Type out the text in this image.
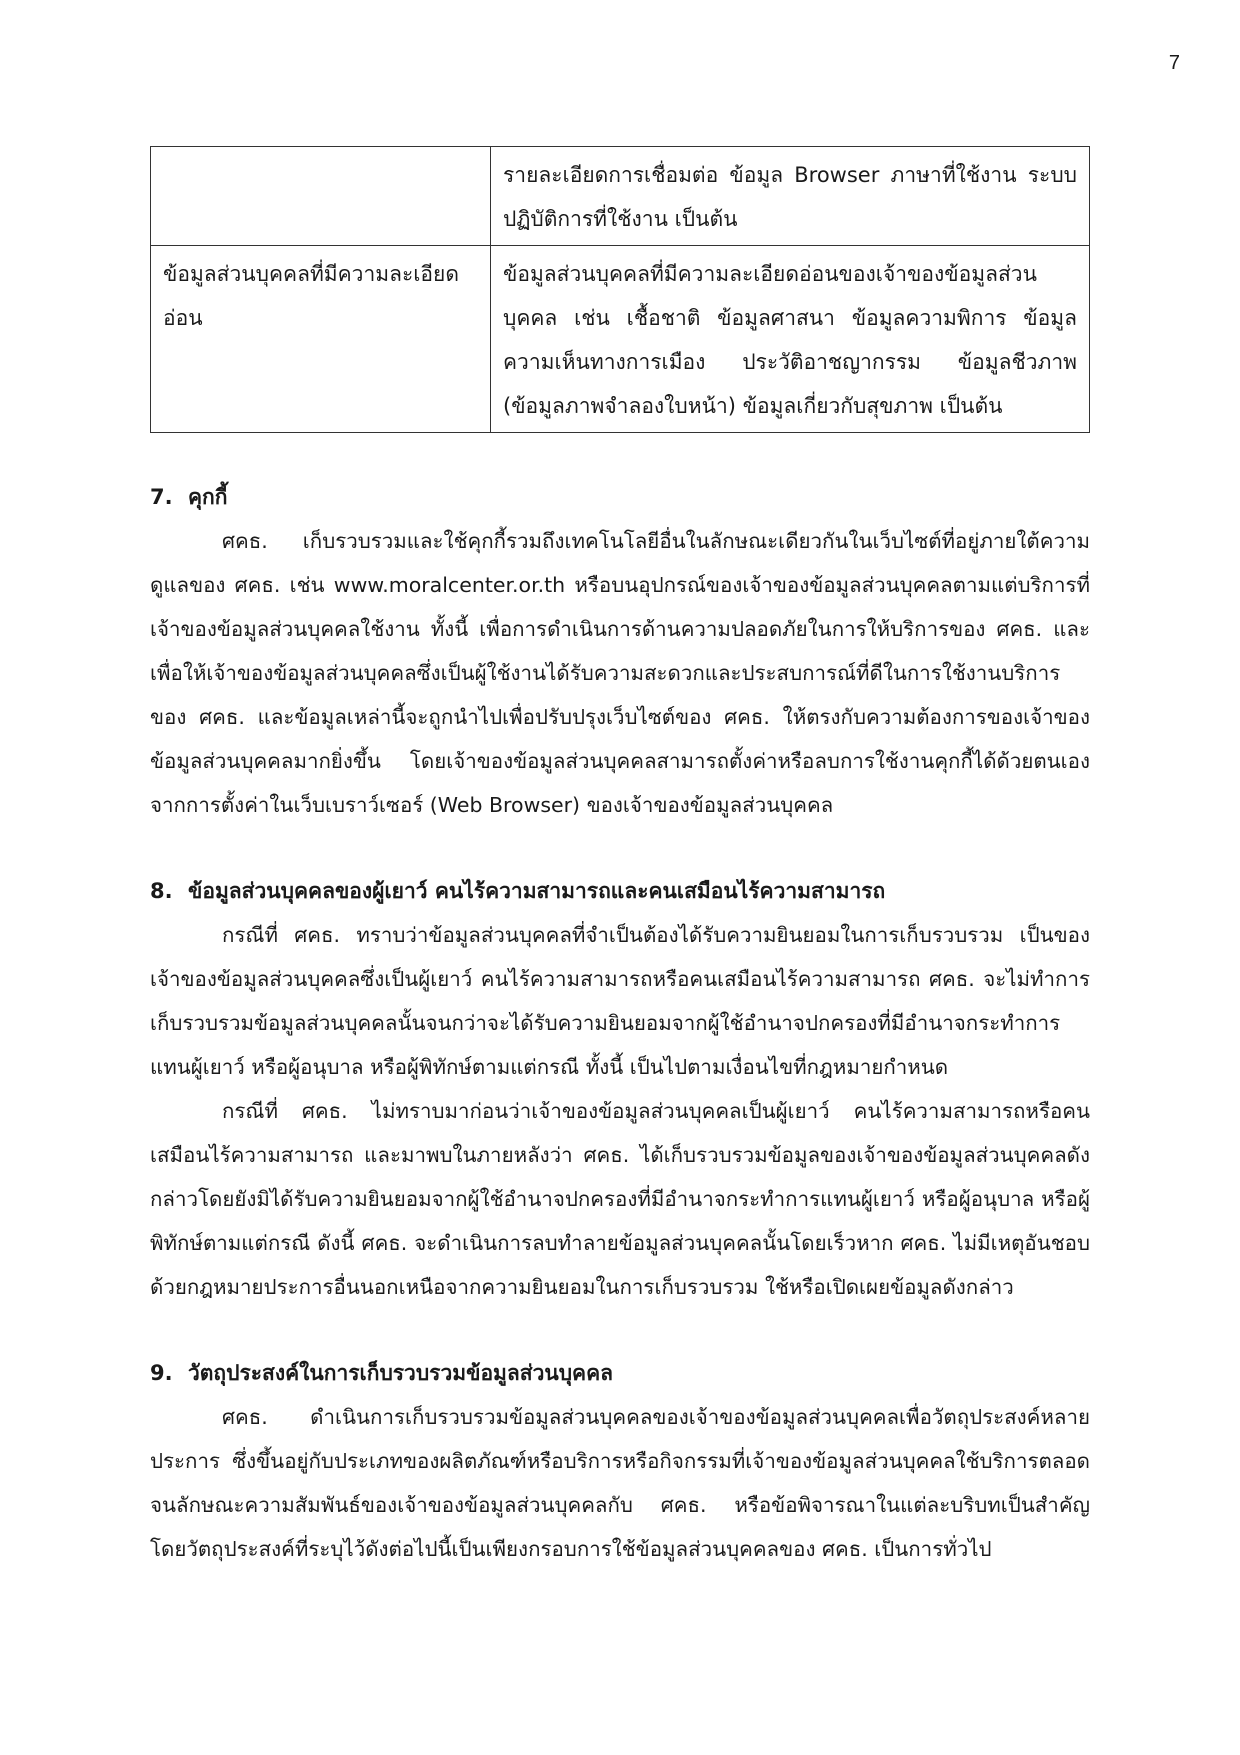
7
	รายละเอียดการเชื่อมต่อ ข้อมูล Browser ภาษาที่ใช้งาน ระบบปฏิบัติการที่ใช้งาน เป็นต้น
ข้อมูลส่วนบุคคลที่มีความละเอียดอ่อน	ข้อมูลส่วนบุคคลที่มีความละเอียดอ่อนของเจ้าของข้อมูลส่วนบุคคล เช่น เชื้อชาติ ข้อมูลศาสนา ข้อมูลความพิการ ข้อมูลความเห็นทางการเมือง ประวัติอาชญากรรม ข้อมูลชีวภาพ (ข้อมูลภาพจำลองใบหน้า) ข้อมูลเกี่ยวกับสุขภาพ เป็นต้น
7. คุกกี้

ศคธ. เก็บรวบรวมและใช้คุกกี้รวมถึงเทคโนโลยีอื่นในลักษณะเดียวกันในเว็บไซต์ที่อยู่ภายใต้ความดูแลของ ศคธ. เช่น www.moralcenter.or.th หรือบนอุปกรณ์ของเจ้าของข้อมูลส่วนบุคคลตามแต่บริการที่เจ้าของข้อมูลส่วนบุคคลใช้งาน ทั้งนี้ เพื่อการดำเนินการด้านความปลอดภัยในการให้บริการของ ศคธ. และเพื่อให้เจ้าของข้อมูลส่วนบุคคลซึ่งเป็นผู้ใช้งานได้รับความสะดวกและประสบการณ์ที่ดีในการใช้งานบริการของ ศคธ. และข้อมูลเหล่านี้จะถูกนำไปเพื่อปรับปรุงเว็บไซต์ของ ศคธ. ให้ตรงกับความต้องการของเจ้าของข้อมูลส่วนบุคคลมากยิ่งขึ้น โดยเจ้าของข้อมูลส่วนบุคคลสามารถตั้งค่าหรือลบการใช้งานคุกกี้ได้ด้วยตนเองจากการตั้งค่าในเว็บเบราว์เซอร์ (Web Browser) ของเจ้าของข้อมูลส่วนบุคคล

8. ข้อมูลส่วนบุคคลของผู้เยาว์ คนไร้ความสามารถและคนเสมือนไร้ความสามารถ

กรณีที่ ศคธ. ทราบว่าข้อมูลส่วนบุคคลที่จำเป็นต้องได้รับความยินยอมในการเก็บรวบรวม เป็นของเจ้าของข้อมูลส่วนบุคคลซึ่งเป็นผู้เยาว์ คนไร้ความสามารถหรือคนเสมือนไร้ความสามารถ ศคธ. จะไม่ทำการเก็บรวบรวมข้อมูลส่วนบุคคลนั้นจนกว่าจะได้รับความยินยอมจากผู้ใช้อำนาจปกครองที่มีอำนาจกระทำการแทนผู้เยาว์ หรือผู้อนุบาล หรือผู้พิทักษ์ตามแต่กรณี ทั้งนี้ เป็นไปตามเงื่อนไขที่กฎหมายกำหนด

กรณีที่ ศคธ. ไม่ทราบมาก่อนว่าเจ้าของข้อมูลส่วนบุคคลเป็นผู้เยาว์ คนไร้ความสามารถหรือคนเสมือนไร้ความสามารถ และมาพบในภายหลังว่า ศคธ. ได้เก็บรวบรวมข้อมูลของเจ้าของข้อมูลส่วนบุคคลดังกล่าวโดยยังมิได้รับความยินยอมจากผู้ใช้อำนาจปกครองที่มีอำนาจกระทำการแทนผู้เยาว์ หรือผู้อนุบาล หรือผู้พิทักษ์ตามแต่กรณี ดังนี้ ศคธ. จะดำเนินการลบทำลายข้อมูลส่วนบุคคลนั้นโดยเร็วหาก ศคธ. ไม่มีเหตุอันชอบด้วยกฎหมายประการอื่นนอกเหนือจากความยินยอมในการเก็บรวบรวม ใช้หรือเปิดเผยข้อมูลดังกล่าว

9. วัตถุประสงค์ในการเก็บรวบรวมข้อมูลส่วนบุคคล

ศคธ. ดำเนินการเก็บรวบรวมข้อมูลส่วนบุคคลของเจ้าของข้อมูลส่วนบุคคลเพื่อวัตถุประสงค์หลายประการ ซึ่งขึ้นอยู่กับประเภทของผลิตภัณฑ์หรือบริการหรือกิจกรรมที่เจ้าของข้อมูลส่วนบุคคลใช้บริการตลอดจนลักษณะความสัมพันธ์ของเจ้าของข้อมูลส่วนบุคคลกับ ศคธ. หรือข้อพิจารณาในแต่ละบริบทเป็นสำคัญ โดยวัตถุประสงค์ที่ระบุไว้ดังต่อไปนี้เป็นเพียงกรอบการใช้ข้อมูลส่วนบุคคลของ ศคธ. เป็นการทั่วไป
